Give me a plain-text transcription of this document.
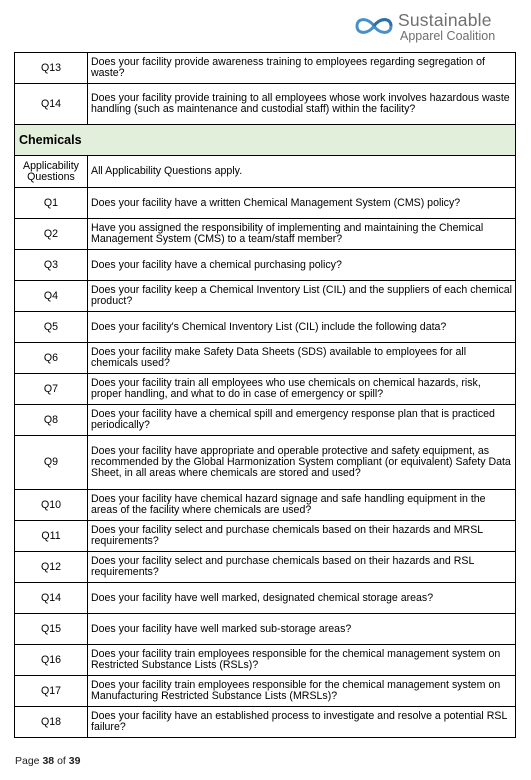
Sustainable
Apparel Coalition
Q13	Does your facility provide awareness training to employees regarding segregation of waste?
Q14	Does your facility provide training to all employees whose work involves hazardous waste handling (such as maintenance and custodial staff) within the facility?
Chemicals	
Applicability Questions	All Applicability Questions apply.
Q1	Does your facility have a written Chemical Management System (CMS) policy?
Q2	Have you assigned the responsibility of implementing and maintaining the Chemical Management System (CMS) to a team/staff member?
Q3	Does your facility have a chemical purchasing policy?
Q4	Does your facility keep a Chemical Inventory List (CIL) and the suppliers of each chemical product?
Q5	Does your facility's Chemical Inventory List (CIL) include the following data?
Q6	Does your facility make Safety Data Sheets (SDS) available to employees for all chemicals used?
Q7	Does your facility train all employees who use chemicals on chemical hazards, risk, proper handling, and what to do in case of emergency or spill?
Q8	Does your facility have a chemical spill and emergency response plan that is practiced periodically?
Q9	Does your facility have appropriate and operable protective and safety equipment, as recommended by the Global Harmonization System compliant (or equivalent) Safety Data Sheet, in all areas where chemicals are stored and used?
Q10	Does your facility have chemical hazard signage and safe handling equipment in the areas of the facility where chemicals are used?
Q11	Does your facility select and purchase chemicals based on their hazards and MRSL requirements?
Q12	Does your facility select and purchase chemicals based on their hazards and RSL requirements?
Q14	Does your facility have well marked, designated chemical storage areas?
Q15	Does your facility have well marked sub-storage areas?
Q16	Does your facility train employees responsible for the chemical management system on Restricted Substance Lists (RSLs)?
Q17	Does your facility train employees responsible for the chemical management system on Manufacturing Restricted Substance Lists (MRSLs)?
Q18	Does your facility have an established process to investigate and resolve a potential RSL failure?
Page 38 of 39
